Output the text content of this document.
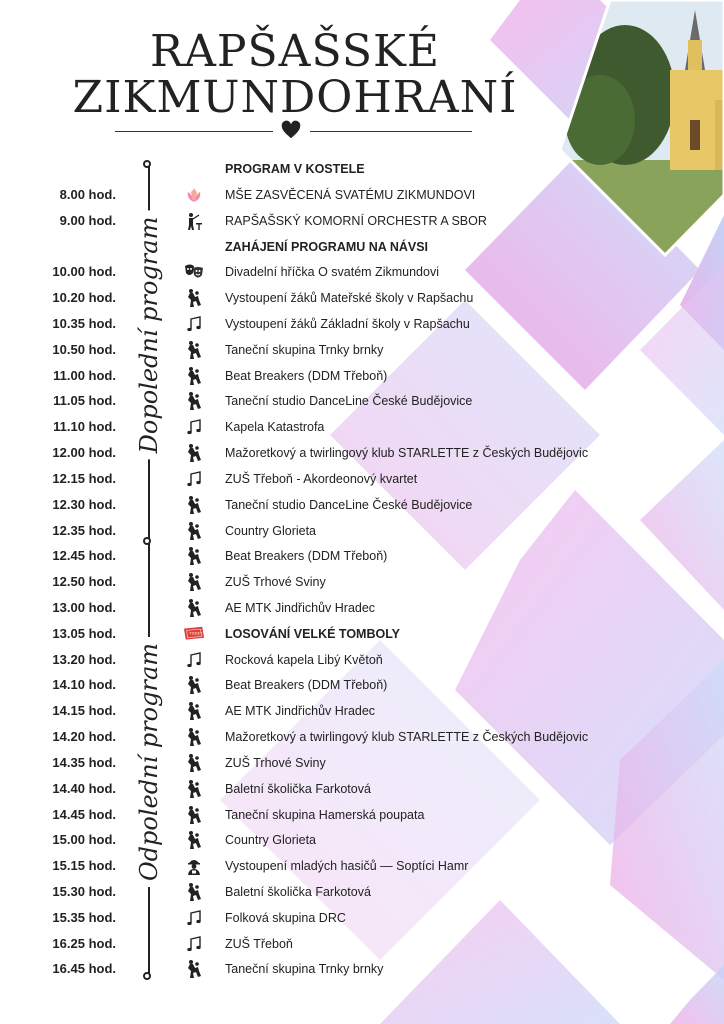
RAPŠAŠSKÉ
ZIKMUNDOHRANÍ
Dopolední program
Odpolední program
PROGRAM V KOSTELE
8.00 hod.	MŠE ZASVĚCENÁ SVATÉMU ZIKMUNDOVI
9.00 hod.	RAPŠAŠSKÝ KOMORNÍ ORCHESTR A SBOR
ZAHÁJENÍ PROGRAMU NA NÁVSI
10.00 hod.	Divadelní hříčka O svatém Zikmundovi
10.20 hod.	Vystoupení žáků Mateřské školy v Rapšachu
10.35 hod.	Vystoupení žáků Základní školy v Rapšachu
10.50 hod.	Taneční skupina Trnky brnky
11.00 hod.	Beat Breakers (DDM Třeboň)
11.05 hod.	Taneční studio DanceLine České Budějovice
11.10 hod.	Kapela Katastrofa
12.00 hod.	Mažoretkový a twirlingový klub STARLETTE z Českých Budějovic
12.15 hod.	ZUŠ Třeboň - Akordeonový kvartet
12.30 hod.	Taneční studio DanceLine České Budějovice
12.35 hod.	Country Glorieta
12.45 hod.	Beat Breakers (DDM Třeboň)
12.50 hod.	ZUŠ Trhové Sviny
13.00 hod.	AE MTK Jindřichův Hradec
13.05 hod.	TICKET LOSOVÁNÍ VELKÉ TOMBOLY
13.20 hod.	Rocková kapela Libý Květoň
14.10 hod.	Beat Breakers (DDM Třeboň)
14.15 hod.	AE MTK Jindřichův Hradec
14.20 hod.	Mažoretkový a twirlingový klub STARLETTE z Českých Budějovic
14.35 hod.	ZUŠ Trhové Sviny
14.40 hod.	Baletní školička Farkotová
14.45 hod.	Taneční skupina Hamerská poupata
15.00 hod.	Country Glorieta
15.15 hod.	Vystoupení mladých hasičů — Soptíci Hamr
15.30 hod.	Baletní školička Farkotová
15.35 hod.	Folková skupina DRC
16.25 hod.	ZUŠ Třeboň
16.45 hod.	Taneční skupina Trnky brnky
